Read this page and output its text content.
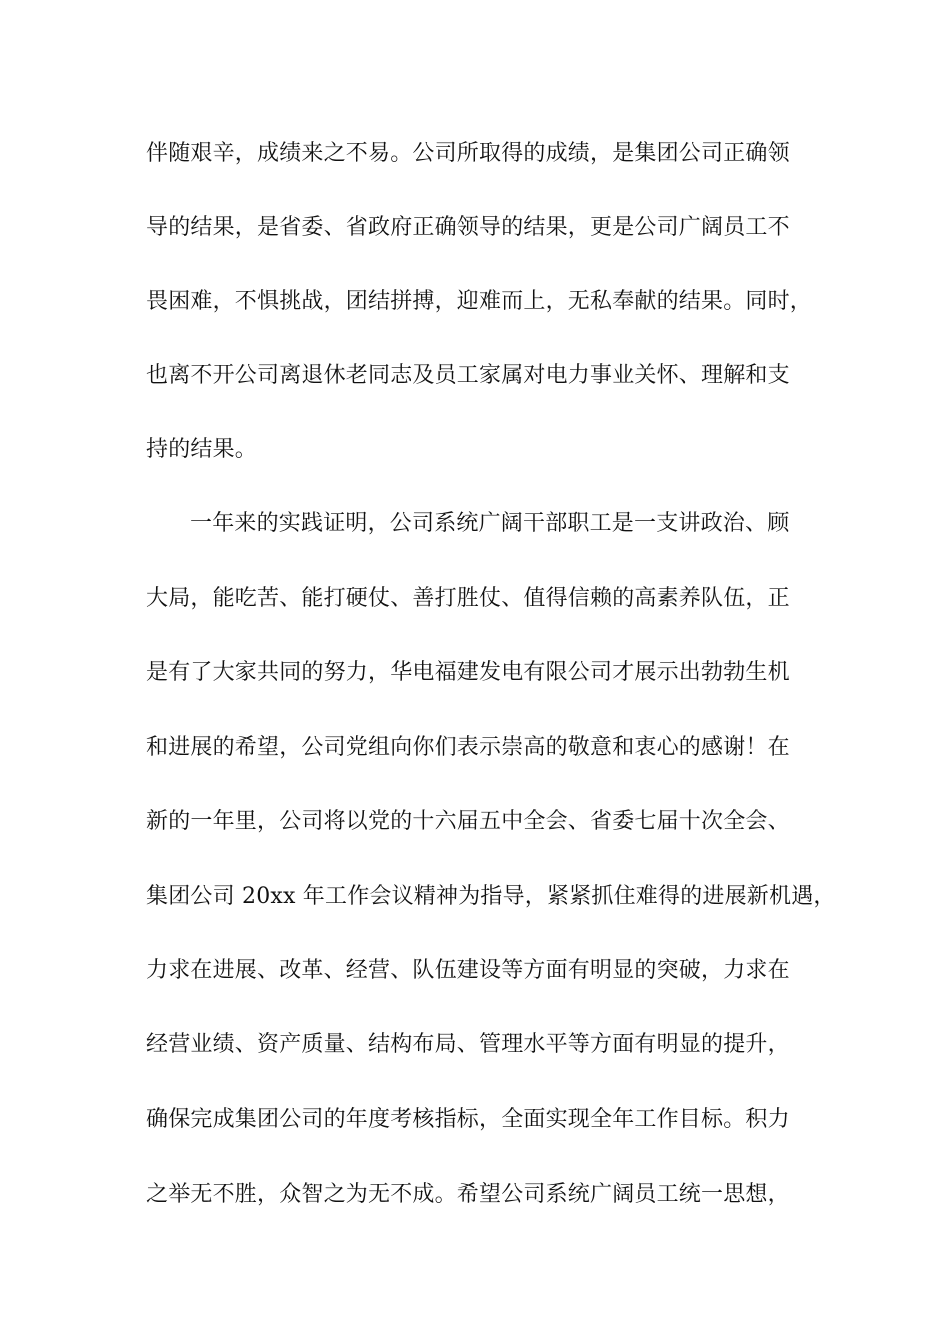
伴随艰辛，成绩来之不易。公司所取得的成绩，是集团公司正确领
导的结果，是省委、省政府正确领导的结果，更是公司广阔员工不
畏困难，不惧挑战，团结拼搏，迎难而上，无私奉献的结果。同时，
也离不开公司离退休老同志及员工家属对电力事业关怀、理解和支
持的结果。
一年来的实践证明，公司系统广阔干部职工是一支讲政治、顾
大局，能吃苦、能打硬仗、善打胜仗、值得信赖的高素养队伍，正
是有了大家共同的努力，华电福建发电有限公司才展示出勃勃生机
和进展的希望，公司党组向你们表示崇高的敬意和衷心的感谢！在
新的一年里，公司将以党的十六届五中全会、省委七届十次全会、
集团公司 20xx 年工作会议精神为指导，紧紧抓住难得的进展新机遇，
力求在进展、改革、经营、队伍建设等方面有明显的突破，力求在
经营业绩、资产质量、结构布局、管理水平等方面有明显的提升，
确保完成集团公司的年度考核指标，全面实现全年工作目标。积力
之举无不胜，众智之为无不成。希望公司系统广阔员工统一思想，
